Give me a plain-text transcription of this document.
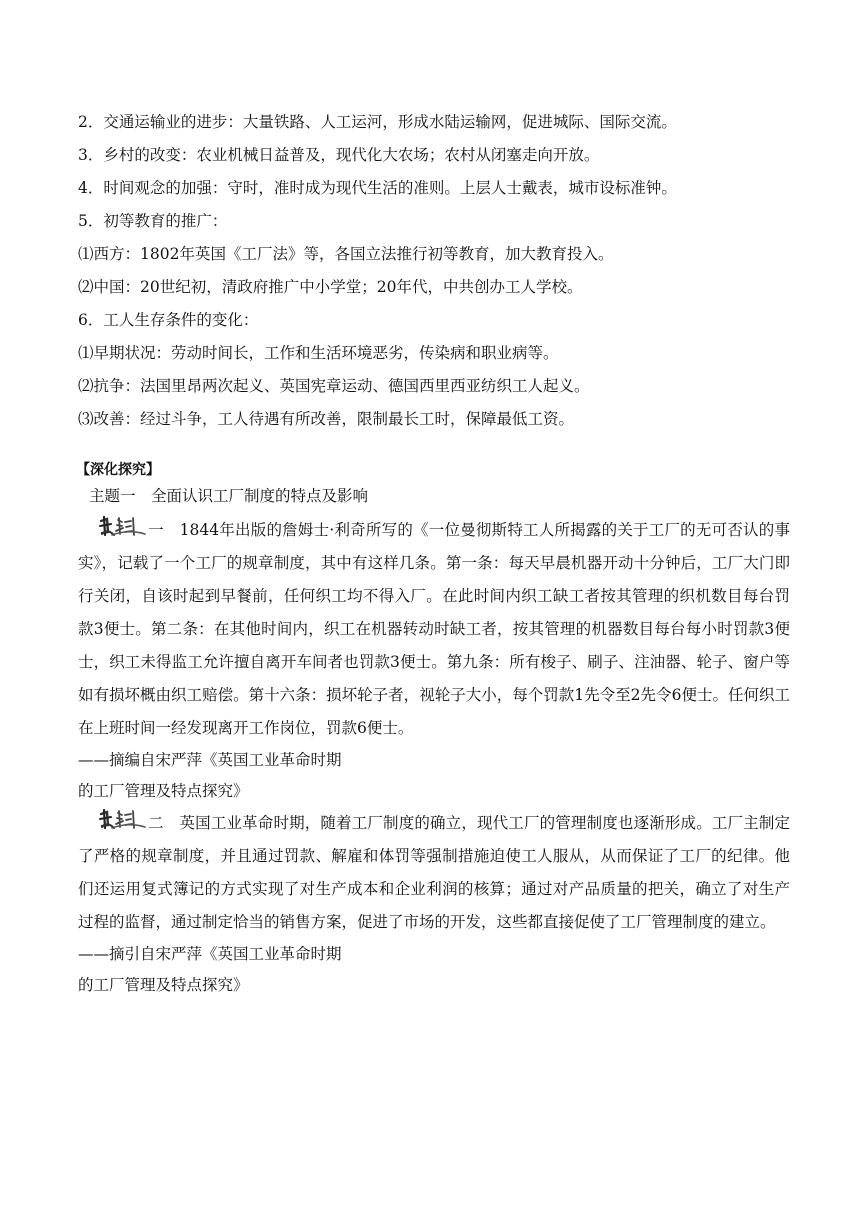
2．交通运输业的进步：大量铁路、人工运河，形成水陆运输网，促进城际、国际交流。
3．乡村的改变：农业机械日益普及，现代化大农场；农村从闭塞走向开放。
4．时间观念的加强：守时，准时成为现代生活的准则。上层人士戴表，城市设标准钟。
5．初等教育的推广：
⑴西方：1802年英国《工厂法》等，各国立法推行初等教育，加大教育投入。
⑵中国：20世纪初，清政府推广中小学堂；20年代，中共创办工人学校。
6．工人生存条件的变化：
⑴早期状况：劳动时间长，工作和生活环境恶劣，传染病和职业病等。
⑵抗争：法国里昂两次起义、英国宪章运动、德国西里西亚纺织工人起义。
⑶改善：经过斗争，工人待遇有所改善，限制最长工时，保障最低工资。
【深化探究】
主题一　全面认识工厂制度的特点及影响
一　 1844年出版的詹姆士·利奇所写的《一位曼彻斯特工人所揭露的关于工厂的无可否认的事实》，记载了一个工厂的规章制度，其中有这样几条。第一条：每天早晨机器开动十分钟后，工厂大门即行关闭，自该时起到早餐前，任何织工均不得入厂。在此时间内织工缺工者按其管理的织机数目每台罚款3便士。第二条：在其他时间内，织工在机器转动时缺工者，按其管理的机器数目每台每小时罚款3便士，织工未得监工允许擅自离开车间者也罚款3便士。第九条：所有梭子、刷子、注油器、轮子、窗户等如有损坏概由织工赔偿。第十六条：损坏轮子者，视轮子大小，每个罚款1先令至2先令6便士。任何织工在上班时间一经发现离开工作岗位，罚款6便士。
——摘编自宋严萍《英国工业革命时期
的工厂管理及特点探究》
二　 英国工业革命时期，随着工厂制度的确立，现代工厂的管理制度也逐渐形成。工厂主制定了严格的规章制度，并且通过罚款、解雇和体罚等强制措施迫使工人服从，从而保证了工厂的纪律。他们还运用复式簿记的方式实现了对生产成本和企业利润的核算；通过对产品质量的把关，确立了对生产过程的监督，通过制定恰当的销售方案，促进了市场的开发，这些都直接促使了工厂管理制度的建立。
——摘引自宋严萍《英国工业革命时期
的工厂管理及特点探究》
